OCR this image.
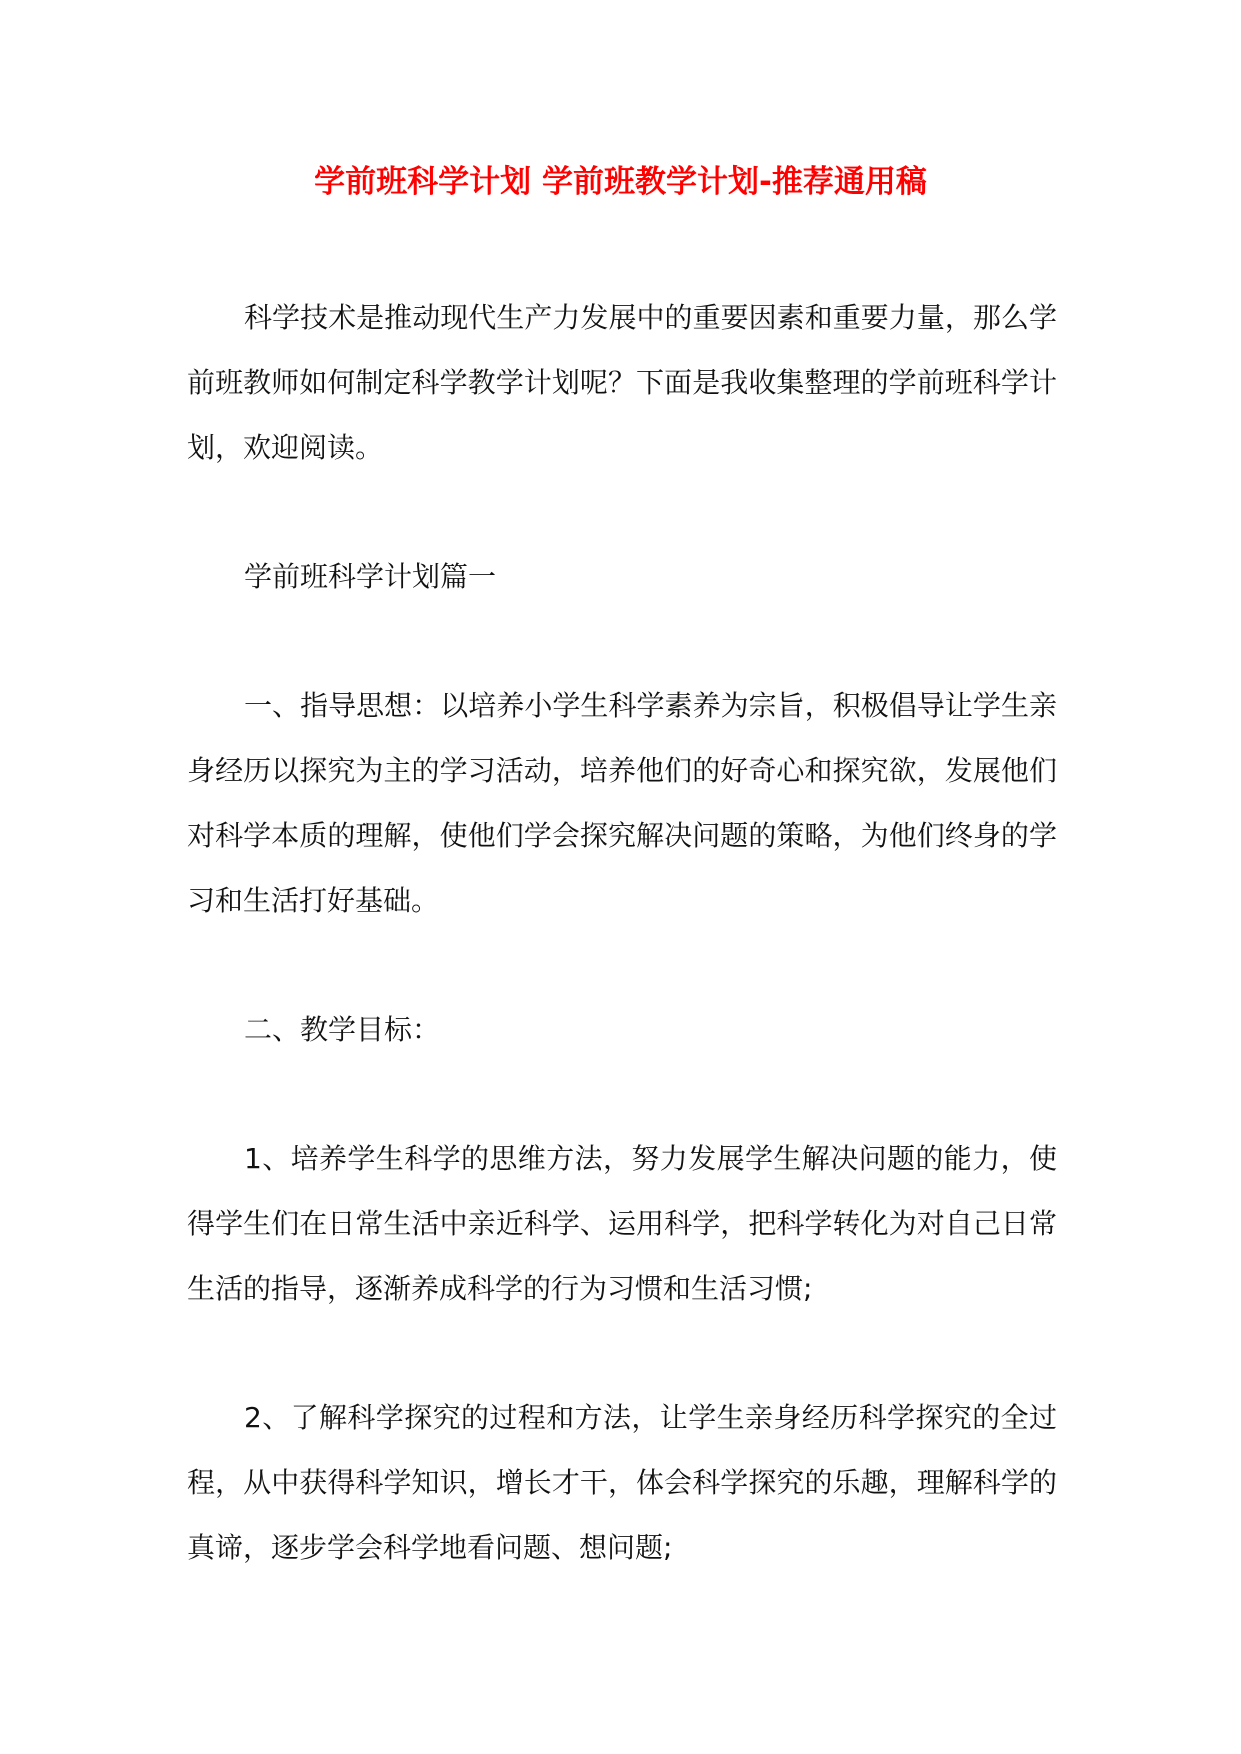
学前班科学计划 学前班教学计划-推荐通用稿

科学技术是推动现代生产力发展中的重要因素和重要力量，那么学前班教师如何制定科学教学计划呢？下面是我收集整理的学前班科学计划，欢迎阅读。

学前班科学计划篇一

一、指导思想：以培养小学生科学素养为宗旨，积极倡导让学生亲身经历以探究为主的学习活动，培养他们的好奇心和探究欲，发展他们对科学本质的理解，使他们学会探究解决问题的策略，为他们终身的学习和生活打好基础。

二、教学目标：

1、培养学生科学的思维方法，努力发展学生解决问题的能力，使得学生们在日常生活中亲近科学、运用科学，把科学转化为对自己日常生活的指导，逐渐养成科学的行为习惯和生活习惯;

2、了解科学探究的过程和方法，让学生亲身经历科学探究的全过程，从中获得科学知识，增长才干，体会科学探究的乐趣，理解科学的真谛，逐步学会科学地看问题、想问题;
